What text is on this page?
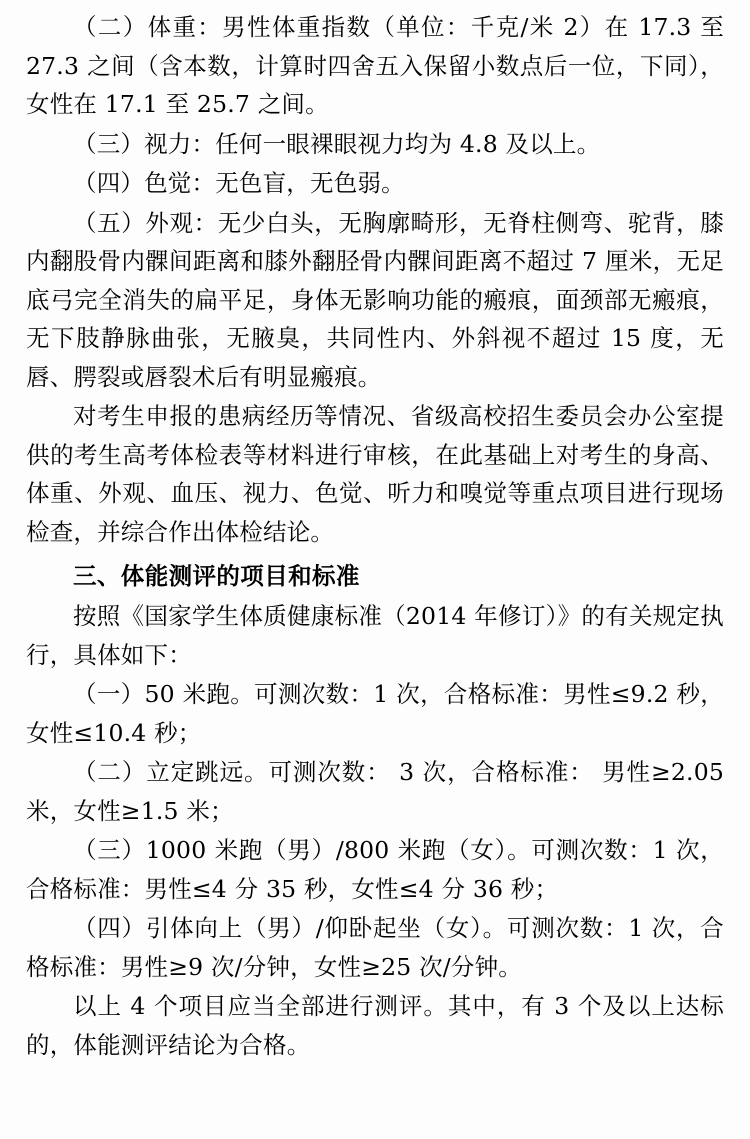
（二）体重：男性体重指数（单位：千克/米 2）在 17.3 至 27.3 之间（含本数，计算时四舍五入保留小数点后一位，下同），女性在 17.1 至 25.7 之间。

（三）视力：任何一眼裸眼视力均为 4.8 及以上。

（四）色觉：无色盲，无色弱。

（五）外观：无少白头，无胸廓畸形，无脊柱侧弯、驼背，膝内翻股骨内髁间距离和膝外翻胫骨内髁间距离不超过 7 厘米，无足底弓完全消失的扁平足，身体无影响功能的瘢痕，面颈部无瘢痕，无下肢静脉曲张，无腋臭，共同性内、外斜视不超过 15 度，无唇、腭裂或唇裂术后有明显瘢痕。

对考生申报的患病经历等情况、省级高校招生委员会办公室提供的考生高考体检表等材料进行审核，在此基础上对考生的身高、体重、外观、血压、视力、色觉、听力和嗅觉等重点项目进行现场检查，并综合作出体检结论。

三、体能测评的项目和标准

按照《国家学生体质健康标准（2014 年修订）》的有关规定执行，具体如下：

（一）50 米跑。可测次数：1 次，合格标准：男性≤9.2 秒，女性≤10.4 秒；

（二）立定跳远。可测次数： 3 次，合格标准： 男性≥2.05 米，女性≥1.5 米；

（三）1000 米跑（男）/800 米跑（女）。可测次数：1 次，合格标准：男性≤4 分 35 秒，女性≤4 分 36 秒；

（四）引体向上（男）/仰卧起坐（女）。可测次数：1 次，合格标准：男性≥9 次/分钟，女性≥25 次/分钟。

以上 4 个项目应当全部进行测评。其中，有 3 个及以上达标的，体能测评结论为合格。
